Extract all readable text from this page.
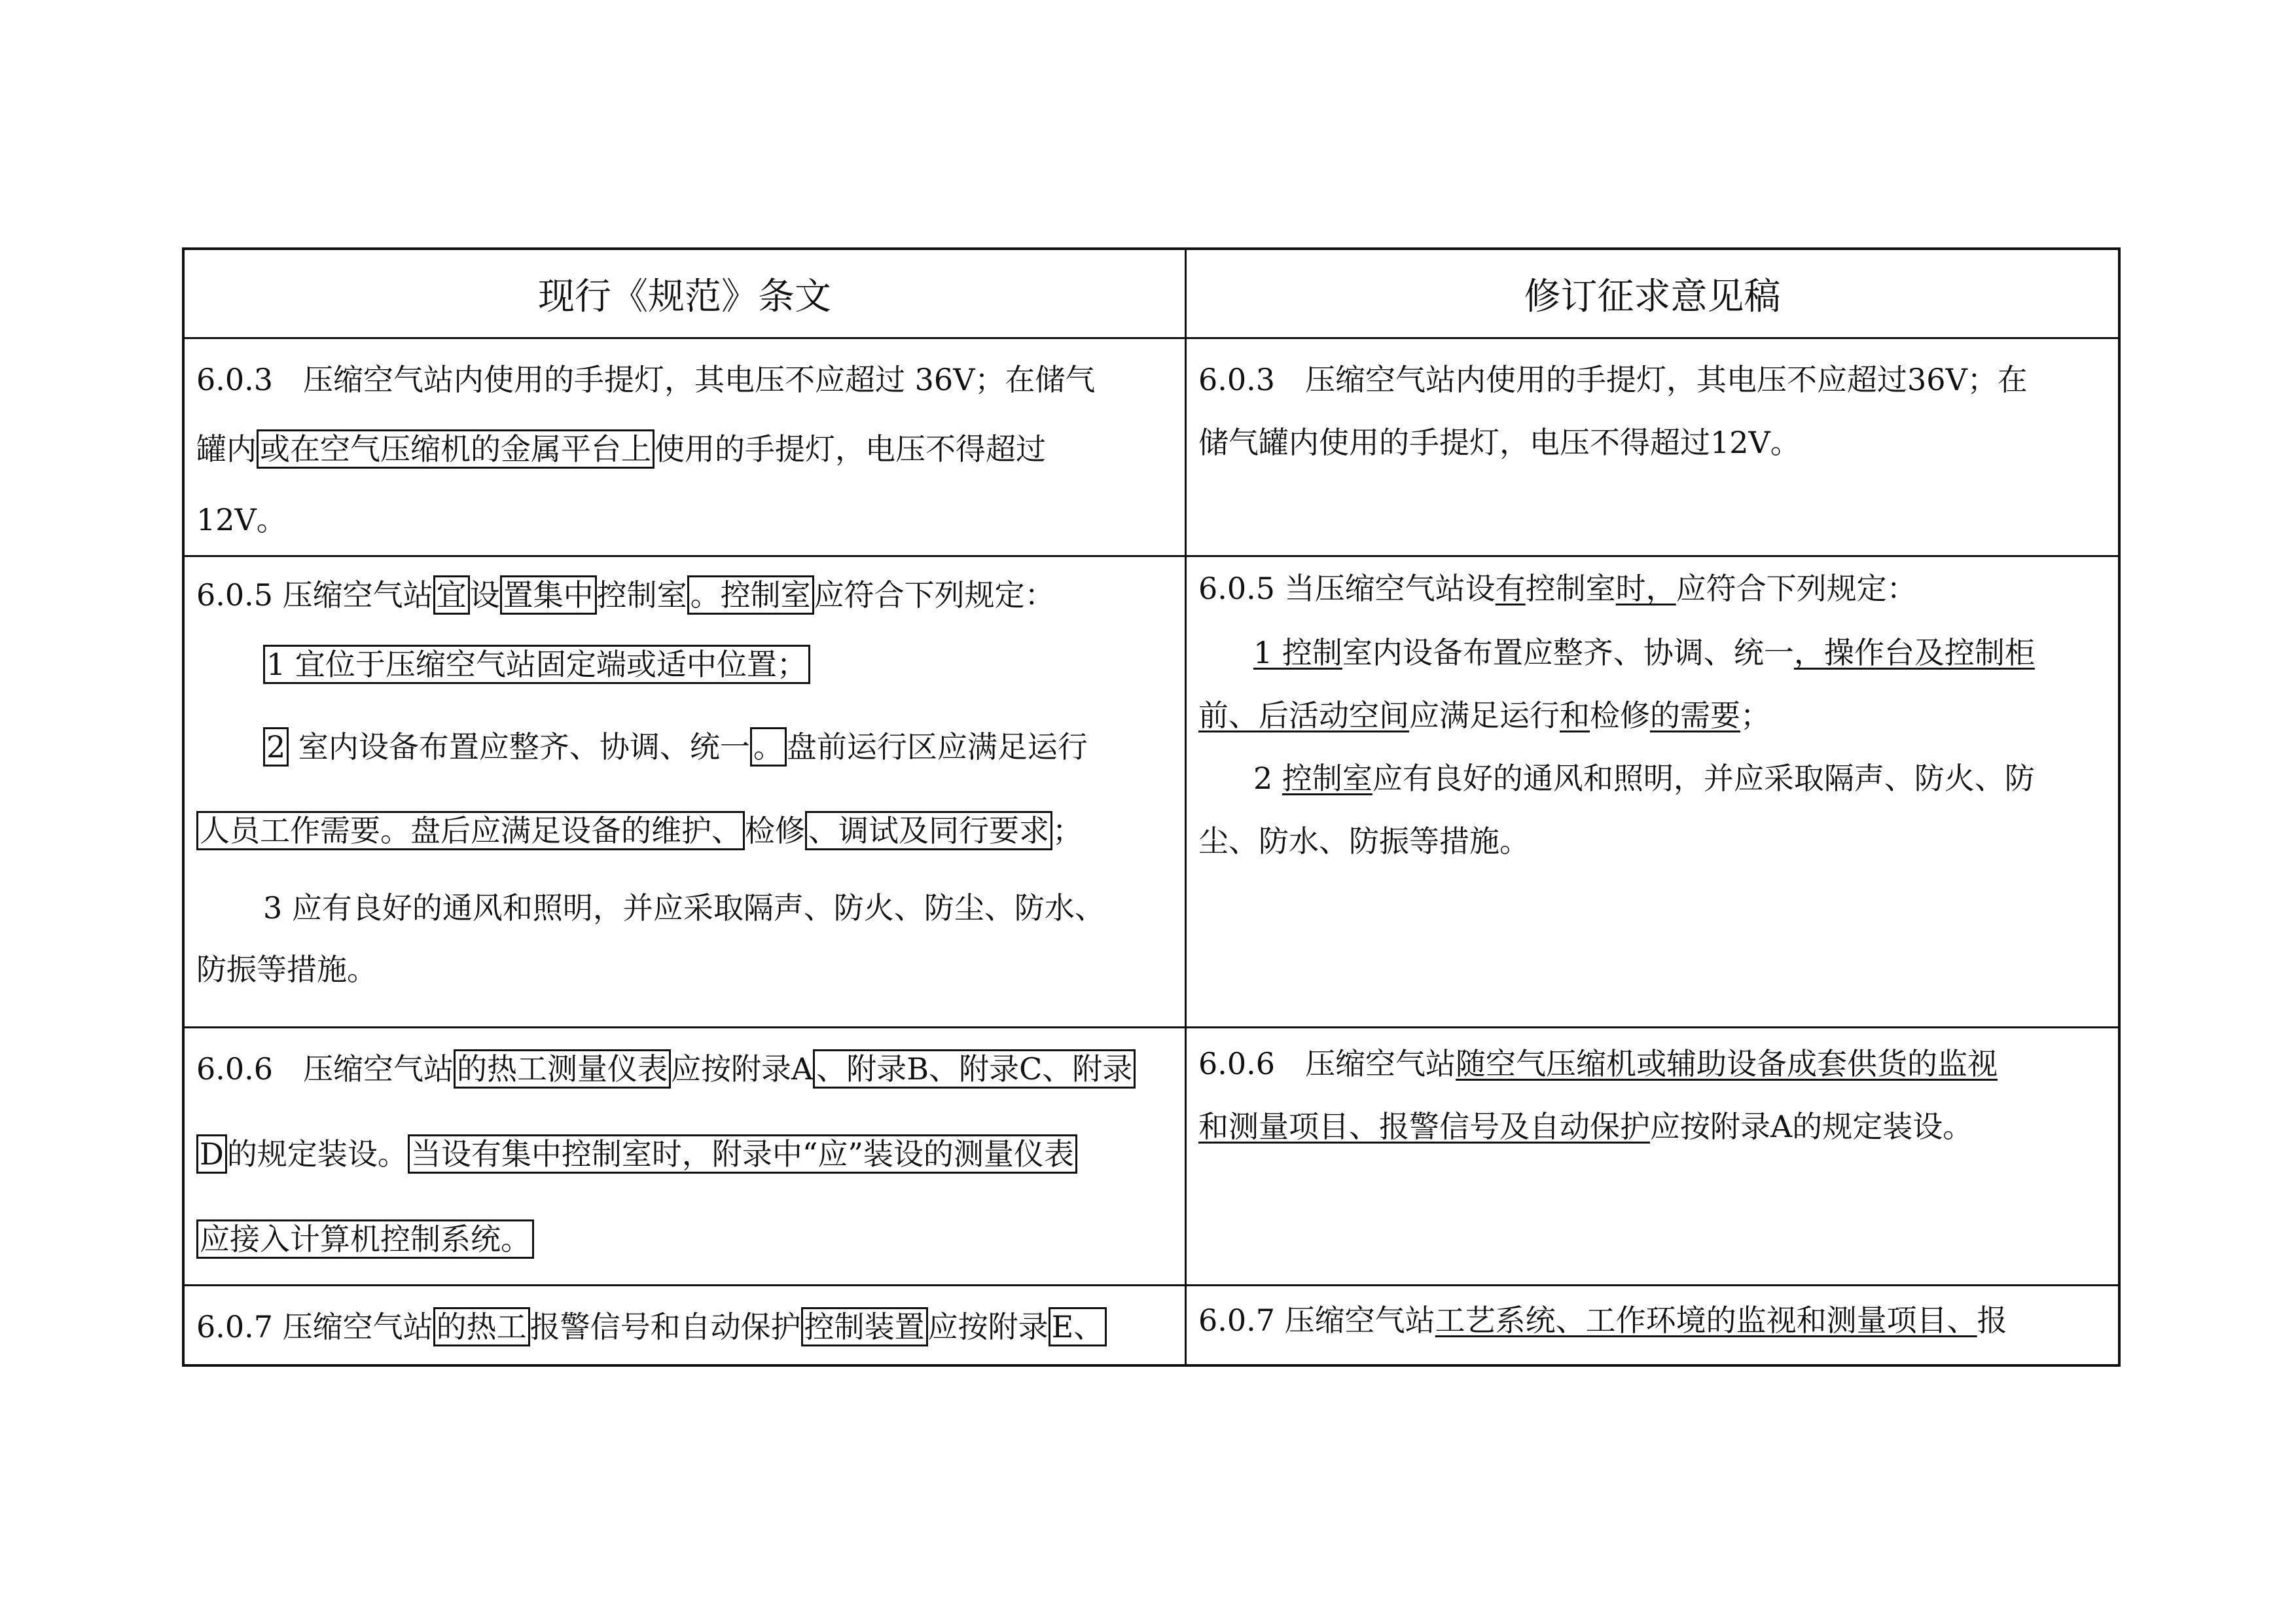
现行《规范》条文	修订征求意见稿
6.0.3　压缩空气站内使用的手提灯，其电压不应超过 36V；在储气
罐内 或在空气压缩机的金属平台上 使用的手提灯，电压不得超过
12V。
6.0.3　压缩空气站内使用的手提灯，其电压不应超过36V；在
储气罐内使用的手提灯，电压不得超过12V。
6.0.5 压缩空气站 宜 设 置集中 控制室 。控制室 应符合下列规定：
1 宜位于压缩空气站固定端或适中位置；
2 室内设备布置应整齐、协调、统一 。 盘前运行区应满足运行
人员工作需要。盘后应满足设备的维护、 检修 、调试及同行要求 ；
3 应有良好的通风和照明，并应采取隔声、防火、防尘、防水、
防振等措施。
6.0.5 当压缩空气站设有控制室时，应符合下列规定：
1 控制室内设备布置应整齐、协调、统一，操作台及控制柜
前、后活动空间应满足运行和检修的需要；
2 控制室应有良好的通风和照明，并应采取隔声、防火、防
尘、防水、防振等措施。
6.0.6　压缩空气站 的热工测量仪表 应按附录A 、附录B、附录C、附录
D 的规定装设。 当设有集中控制室时，附录中“应”装设的测量仪表
应接入计算机控制系统。
6.0.6　压缩空气站随空气压缩机或辅助设备成套供货的监视
和测量项目、报警信号及自动保护应按附录A的规定装设。
6.0.7 压缩空气站 的热工 报警信号和自动保护 控制装置 应按附录 E、	6.0.7 压缩空气站工艺系统、工作环境的监视和测量项目、报
